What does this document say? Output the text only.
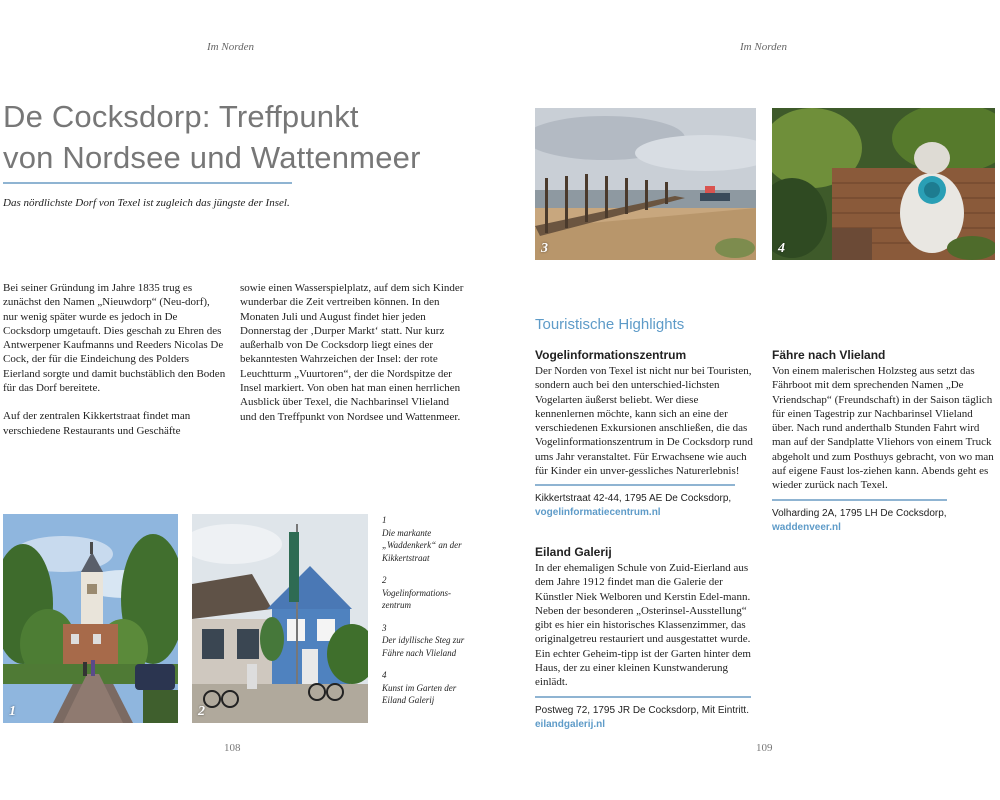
Im Norden
De Cocksdorp: Treffpunkt
von Nordsee und Wattenmeer
Das nördlichste Dorf von Texel ist zugleich das jüngste der Insel.

Bei seiner Gründung im Jahre 1835 trug es zunächst den Namen „Nieuwdorp“ (Neu-dorf), nur wenig später wurde es jedoch in De Cocksdorp umgetauft. Dies geschah zu Ehren des Antwerpener Kaufmanns und Reeders Nicolas De Cock, der für die Eindeichung des Polders Eierland sorgte und damit buchstäblich den Boden für das Dorf bereitete.

Auf der zentralen Kikkertstraat findet man verschiedene Restaurants und Geschäfte

sowie einen Wasserspielplatz, auf dem sich Kinder wunderbar die Zeit vertreiben können. In den Monaten Juli und August findet hier jeden Donnerstag der ‚Durper Markt‘ statt. Nur kurz außerhalb von De Cocksdorp liegt eines der bekanntesten Wahrzeichen der Insel: der rote Leuchtturm „Vuurtoren“, der die Nordspitze der Insel markiert. Von oben hat man einen herrlichen Ausblick über Texel, die Nachbarinsel Vlieland und den Treffpunkt von Nordsee und Wattenmeer.

1	2
1
Die markante „Waddenkerk“ an der Kikkertstraat
2
Vogelinformations-zentrum
3
Der idyllische Steg zur Fähre nach Vlieland
4
Kunst im Garten der Eiland Galerij
108
Im Norden
3	4
Touristische Highlights
Vogelinformationszentrum
Der Norden von Texel ist nicht nur bei Touristen, sondern auch bei den unterschied-lichsten Vogelarten äußerst beliebt. Wer diese kennenlernen möchte, kann sich an eine der verschiedenen Exkursionen anschließen, die das Vogelinformationszentrum in De Cocksdorp rund ums Jahr veranstaltet. Für Erwachsene wie auch für Kinder ein unver-gessliches Naturerlebnis!
Kikkertstraat 42-44, 1795 AE De Cocksdorp,
vogelinformatiecentrum.nl
Eiland Galerij
In der ehemaligen Schule von Zuid-Eierland aus dem Jahre 1912 findet man die Galerie der Künstler Niek Welboren und Kerstin Edel-mann. Neben der besonderen „Osterinsel-Ausstellung“ gibt es hier ein historisches Klassenzimmer, das originalgetreu restauriert und ausgestattet wurde. Ein echter Geheim-tipp ist der Garten hinter dem Haus, der zu einer kleinen Kunstwanderung einlädt.
Postweg 72, 1795 JR De Cocksdorp, Mit Eintritt.
eilandgalerij.nl
Fähre nach Vlieland
Von einem malerischen Holzsteg aus setzt das Fährboot mit dem sprechenden Namen „De Vriendschap“ (Freundschaft) in der Saison täglich für einen Tagestrip zur Nachbarinsel Vlieland über. Nach rund anderthalb Stunden Fahrt wird man auf der Sandplatte Vliehors von einem Truck abgeholt und zum Posthuys gebracht, von wo man auf eigene Faust los-ziehen kann. Abends geht es wieder zurück nach Texel.
Volharding 2A, 1795 LH De Cocksdorp,
waddenveer.nl
109
